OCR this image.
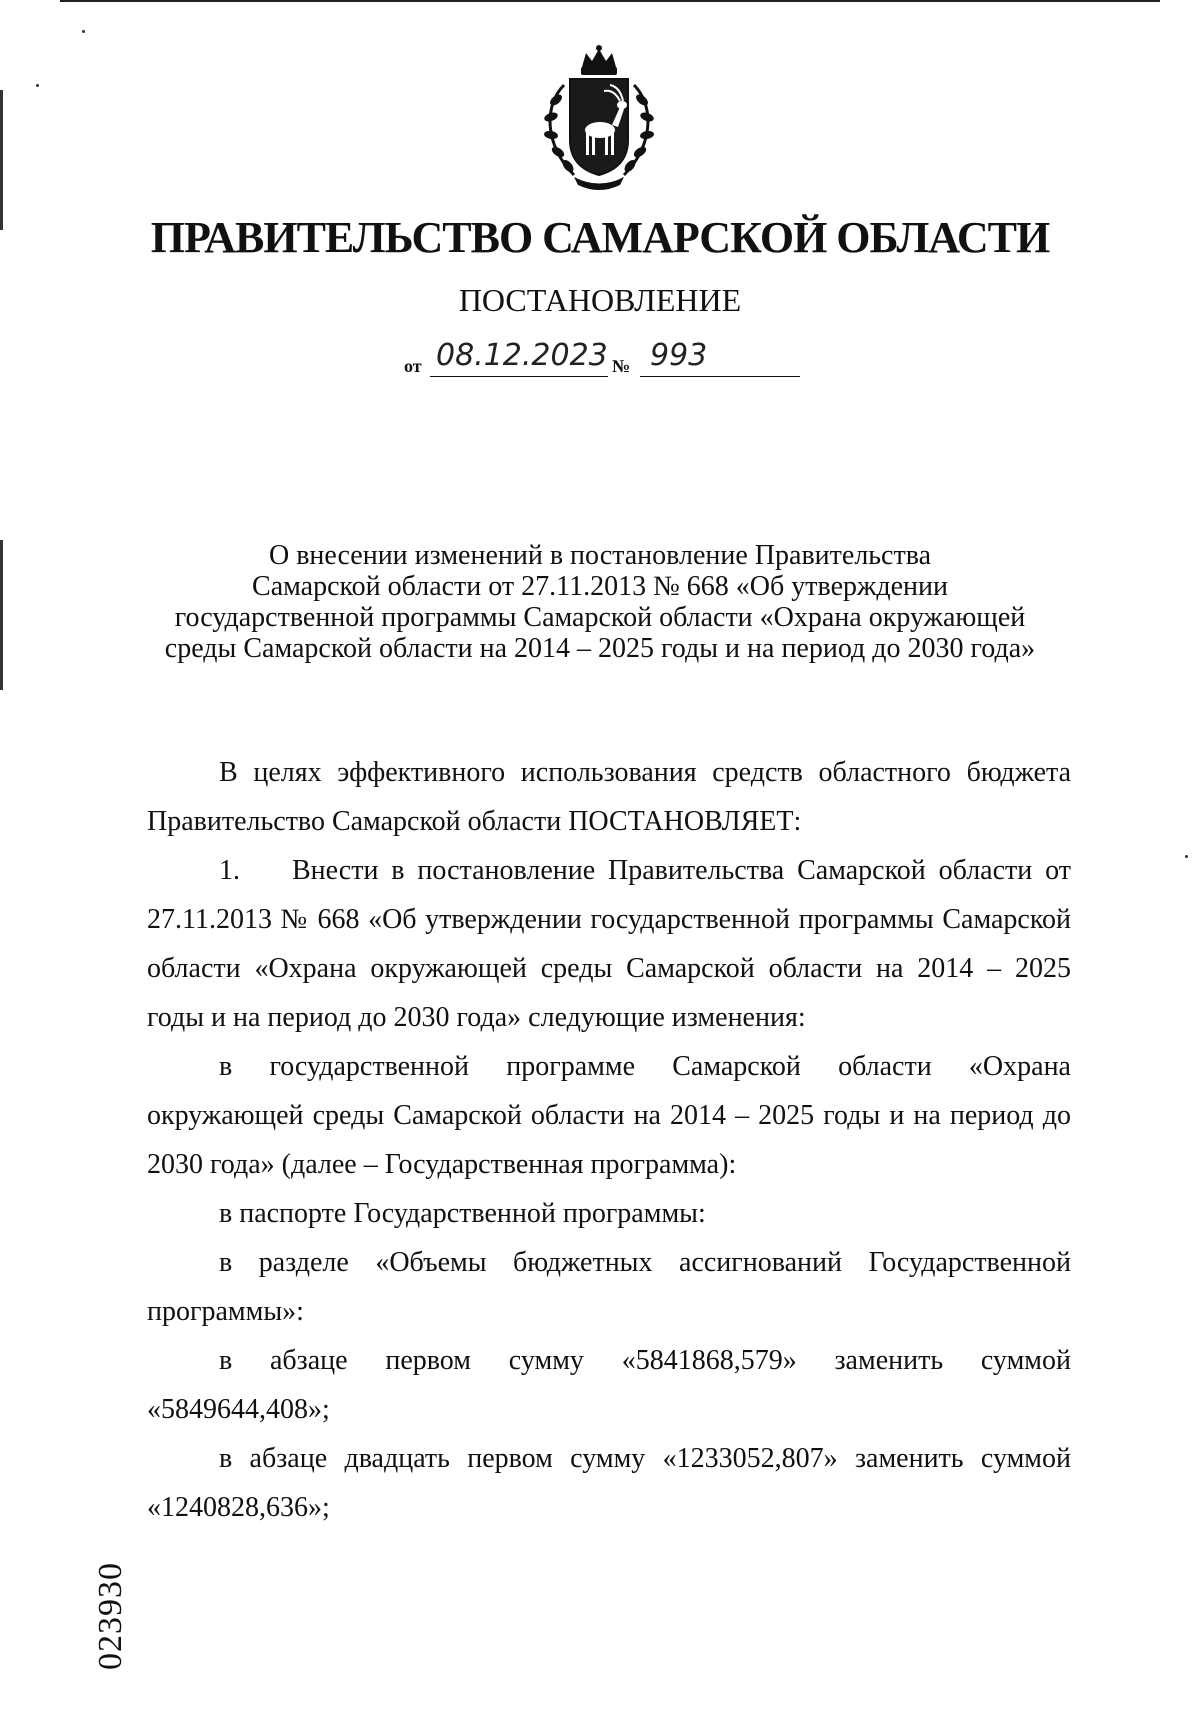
ПРАВИТЕЛЬСТВО САМАРСКОЙ ОБЛАСТИ
ПОСТАНОВЛЕНИЕ
от 08.12.2023 № 993
О внесении изменений в постановление Правительства
Самарской области от 27.11.2013 № 668 «Об утверждении
государственной программы Самарской области «Охрана окружающей
среды Самарской области на 2014 – 2025 годы и на период до 2030 года»

В целях эффективного использования средств областного бюджета Правительство Самарской области ПОСТАНОВЛЯЕТ:

1. Внести в постановление Правительства Самарской области от 27.11.2013 № 668 «Об утверждении государственной программы Самарской области «Охрана окружающей среды Самарской области на 2014 – 2025 годы и на период до 2030 года» следующие изменения:

в государственной программе Самарской области «Охрана окружающей среды Самарской области на 2014 – 2025 годы и на период до 2030 года» (далее – Государственная программа):

в паспорте Государственной программы:

в разделе «Объемы бюджетных ассигнований Государственной программы»:

в абзаце первом сумму «5841868,579» заменить суммой «5849644,408»;

в абзаце двадцать первом сумму «1233052,807» заменить суммой «1240828,636»;

023930
